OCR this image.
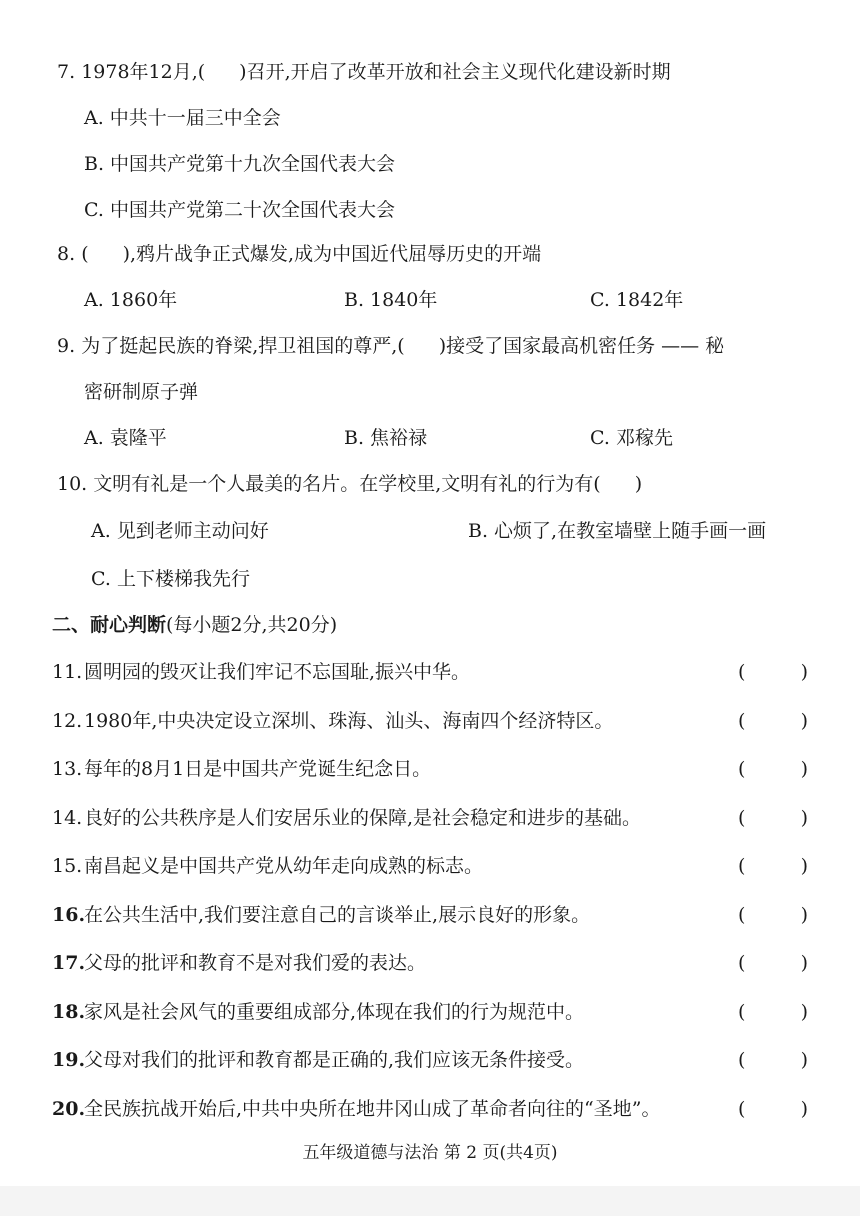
7. 1978年12月,( )召开,开启了改革开放和社会主义现代化建设新时期
A. 中共十一届三中全会
B. 中国共产党第十九次全国代表大会
C. 中国共产党第二十次全国代表大会
8. ( ),鸦片战争正式爆发,成为中国近代屈辱历史的开端
A. 1860年	B. 1840年	C. 1842年
9. 为了挺起民族的脊梁,捍卫祖国的尊严,( )接受了国家最高机密任务 —— 秘
密研制原子弹
A. 袁隆平	B. 焦裕禄	C. 邓稼先
10. 文明有礼是一个人最美的名片。在学校里,文明有礼的行为有( )
A. 见到老师主动问好	B. 心烦了,在教室墙壁上随手画一画
C. 上下楼梯我先行
二、耐心判断(每小题2分,共20分)
11.圆明园的毁灭让我们牢记不忘国耻,振兴中华。	(	)
12.1980年,中央决定设立深圳、珠海、汕头、海南四个经济特区。	(	)
13.每年的8月1日是中国共产党诞生纪念日。	(	)
14.良好的公共秩序是人们安居乐业的保障,是社会稳定和进步的基础。	(	)
15.南昌起义是中国共产党从幼年走向成熟的标志。	(	)
16.在公共生活中,我们要注意自己的言谈举止,展示良好的形象。	(	)
17.父母的批评和教育不是对我们爱的表达。	(	)
18.家风是社会风气的重要组成部分,体现在我们的行为规范中。	(	)
19.父母对我们的批评和教育都是正确的,我们应该无条件接受。	(	)
20.全民族抗战开始后,中共中央所在地井冈山成了革命者向往的“圣地”。	(	)
五年级道德与法治 第 2 页(共4页)
